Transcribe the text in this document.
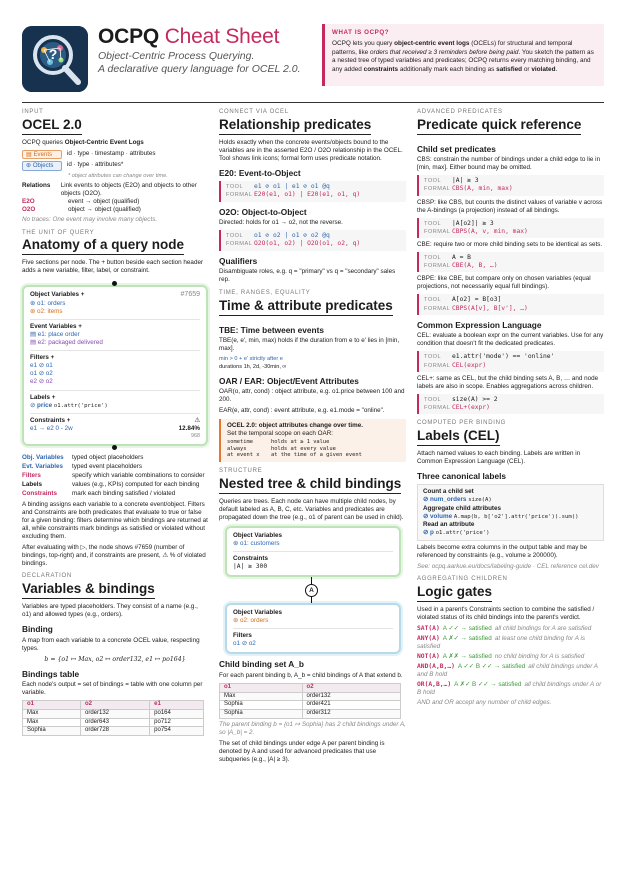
?
OCPQ Cheat Sheet
Object-Centric Process Querying.
A declarative query language for OCEL 2.0.
WHAT IS OCPQ?
OCPQ lets you query object-centric event logs (OCELs) for structural and temporal patterns, like orders that received ≥ 3 reminders before being paid. You sketch the pattern as a nested tree of typed variables and predicates; OCPQ returns every matching binding, and any added constraints additionally mark each binding as satisfied or violated.
INPUT
OCEL 2.0

OCPQ queries Object-Centric Event Logs

▤ Events	id · type · timestamp · attributes
⊛ Objects	id · type · attributes*
* object attributes can change over time.
Relations	Link events to objects (E2O) and objects to other objects (O2O).
E2O	event → object (qualified)
O2O	object → object (qualified)

No traces: One event may involve many objects.

THE UNIT OF QUERY
Anatomy of a query node

Five sections per node. The + button beside each section header adds a new variable, filter, label, or constraint.

Object Variables +	#7659
⊛ o1: orders
⊛ o2: items
Event Variables +
▤ e1: place order
▤ e2: packaged delivered
Filters +
e1 ⊘ o1
o1 ⊘ o2
e2 ⊘ o2
Labels +
⊘ price o1.attr('price')
Constraints +
e1 → e2 0 - 2w
⚠
12.84%
968
Obj. Variables	typed object placeholders
Evt. Variables	typed event placeholders
Filters	specify which variable combinations to consider
Labels	values (e.g., KPIs) computed for each binding
Constraints	mark each binding satisfied / violated

A binding assigns each variable to a concrete event/object. Filters and Constraints are both predicates that evaluate to true or false for a given binding: filters determine which bindings are returned at all, while constraints mark bindings as satisfied or violated without excluding them.

After evaluating with ▷, the node shows #7659 (number of bindings, top-right) and, if constraints are present, ⚠ % of violated bindings.

DECLARATION
Variables & bindings

Variables are typed placeholders. They consist of a name (e.g., o1) and allowed types (e.g., orders).

Binding

A map from each variable to a concrete OCEL value, respecting types.

b = {o1 ↦ Max, o2 ↦ order132, e1 ↦ po164}

Bindings table

Each node's output = set of bindings = table with one column per variable.

o1	o2	e1
Max	order132	po164
Max	order643	po712
Sophia	order728	po754
CONNECT VIA OCEL
Relationship predicates

Holds exactly when the concrete events/objects bound to the variables are in the asserted E2O / O2O relationship in the OCEL. Tool shows link icons; formal form uses predicate notation.

E20: Event-to-Object
TOOL e1 ⊘ o1 | e1 ⊘ o1 @q
FORMAL E20(e1, o1) | E20(e1, o1, q)
O2O: Object-to-Object

Directed: holds for o1 → o2, not the reverse.

TOOL o1 ⊘ o2 | o1 ⊘ o2 @q
FORMAL O2O(o1, o2) | O2O(o1, o2, q)
Qualifiers

Disambiguate roles, e.g. q = "primary" vs q = "secondary" sales rep.

TIME, RANGES, EQUALITY
Time & attribute predicates
TBE: Time between events

TBE(e, e', min, max) holds if the duration from e to e' lies in [min, max].

min > 0 + e' strictly after e
durations 1h, 2d, -30min, ∞
OAR / EAR: Object/Event Attributes

OAR(o, attr, cond) : object attribute, e.g. o1.price between 100 and 200.

EAR(e, attr, cond) : event attribute, e.g. e1.mode = "online".

OCEL 2.0: object attributes change over time.
Set the temporal scope on each OAR:
sometime	holds at ≥ 1 value
always	holds at every value
at event x	at the time of a given event
STRUCTURE
Nested tree & child bindings

Queries are trees. Each node can have multiple child nodes, by default labeled as A, B, C, etc. Variables and predicates are propagated down the tree (e.g., o1 of parent can be used in child).

Object Variables
⊛ o1: customers
Constraints
|A| ≥ 300
A
Object Variables
⊛ o2: orders
Filters
o1 ⊘ o2
Child binding set A_b

For each parent binding b, A_b = child bindings of A that extend b.

o1	o2
Max	order132
Sophia	order421
Sophia	order312

The parent binding b = {o1 ↦ Sophia} has 2 child bindings under A, so |A_b| = 2.

The set of child bindings under edge A per parent binding is denoted by A and used for advanced predicates that use subqueries (e.g., |A| ≥ 3).

ADVANCED PREDICATES
Predicate quick reference
Child set predicates

CBS: constrain the number of bindings under a child edge to lie in [min, max]. Either bound may be omitted.

TOOL |A| ≥ 3
FORMAL CBS(A, min, max)

CBSP: like CBS, but counts the distinct values of variable v across the A-bindings (a projection) instead of all bindings.

TOOL |A[o2]| ≥ 3
FORMAL CBPS(A, v, min, max)

CBE: require two or more child binding sets to be identical as sets.

TOOL A = B
FORMAL CBE(A, B, …)

CBPE: like CBE, but compare only on chosen variables (equal projections, not necessarily equal full bindings).

TOOL A[o2] = B[o3]
FORMAL CBPS(A[v], B[v'], …)
Common Expression Language

CEL: evaluate a boolean expr on the current variables. Use for any condition that doesn't fit the dedicated predicates.

TOOL e1.attr('mode') == 'online'
FORMAL CEL(expr)

CEL+: same as CEL, but the child binding sets A, B, … and node labels are also in scope. Enables aggregations across children.

TOOL size(A) >= 2
FORMAL CEL+(expr)
COMPUTED PER BINDING
Labels (CEL)

Attach named values to each binding. Labels are written in Common Expression Language (CEL).

Three canonical labels
Count a child set
⊘ num_orders size(A)
Aggregate child attributes
⊘ volume A.map(b, b['o2'].attr('price')).sum()
Read an attribute
⊘ p o1.attr('price')

Labels become extra columns in the output table and may be referenced by constraints (e.g., volume ≥ 200000).

See: ocpq.aarkue.eu/docs/labeling-guide · CEL reference cel.dev

AGGREGATING CHILDREN
Logic gates

Used in a parent's Constraints section to combine the satisfied / violated status of its child bindings into the parent's verdict.

SAT(A) A ✓✓ → satisfied all child bindings for A are satisfied
ANY(A) A ✗✓ → satisfied at least one child binding for A is satisfied
NOT(A) A ✗✗ → satisfied no child binding for A is satisfied
AND(A,B,…) A ✓✓ B ✓✓ → satisfied all child bindings under A and B hold
OR(A,B,…) A ✗✓ B ✓✓ → satisfied all child bindings under A or B hold

AND and OR accept any number of child edges.
